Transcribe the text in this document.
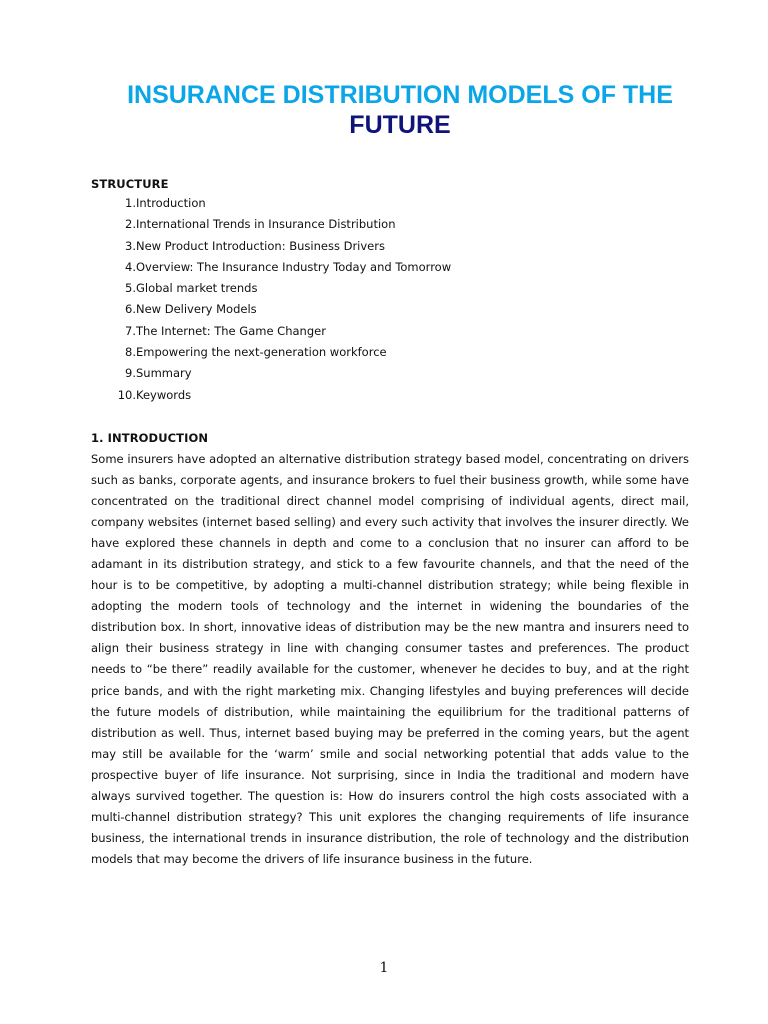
INSURANCE DISTRIBUTION MODELS OF THE
FUTURE
STRUCTURE
1. Introduction
2. International Trends in Insurance Distribution
3. New Product Introduction: Business Drivers
4. Overview: The Insurance Industry Today and Tomorrow
5. Global market trends
6. New Delivery Models
7. The Internet: The Game Changer
8. Empowering the next-generation workforce
9. Summary
10. Keywords
1. INTRODUCTION

Some insurers have adopted an alternative distribution strategy based model, concentrating on drivers such as banks, corporate agents, and insurance brokers to fuel their business growth, while some have concentrated on the traditional direct channel model comprising of individual agents, direct mail, company websites (internet based selling) and every such activity that involves the insurer directly. We have explored these channels in depth and come to a conclusion that no insurer can afford to be adamant in its distribution strategy, and stick to a few favourite channels, and that the need of the hour is to be competitive, by adopting a multi-channel distribution strategy; while being flexible in adopting the modern tools of technology and the internet in widening the boundaries of the distribution box. In short, innovative ideas of distribution may be the new mantra and insurers need to align their business strategy in line with changing consumer tastes and preferences. The product needs to “be there” readily available for the customer, whenever he decides to buy, and at the right price bands, and with the right marketing mix. Changing lifestyles and buying preferences will decide the future models of distribution, while maintaining the equilibrium for the traditional patterns of distribution as well. Thus, internet based buying may be preferred in the coming years, but the agent may still be available for the ‘warm’ smile and social networking potential that adds value to the prospective buyer of life insurance. Not surprising, since in India the traditional and modern have always survived together. The question is: How do insurers control the high costs associated with a multi-channel distribution strategy? This unit explores the changing requirements of life insurance business, the international trends in insurance distribution, the role of technology and the distribution models that may become the drivers of life insurance business in the future.

1
